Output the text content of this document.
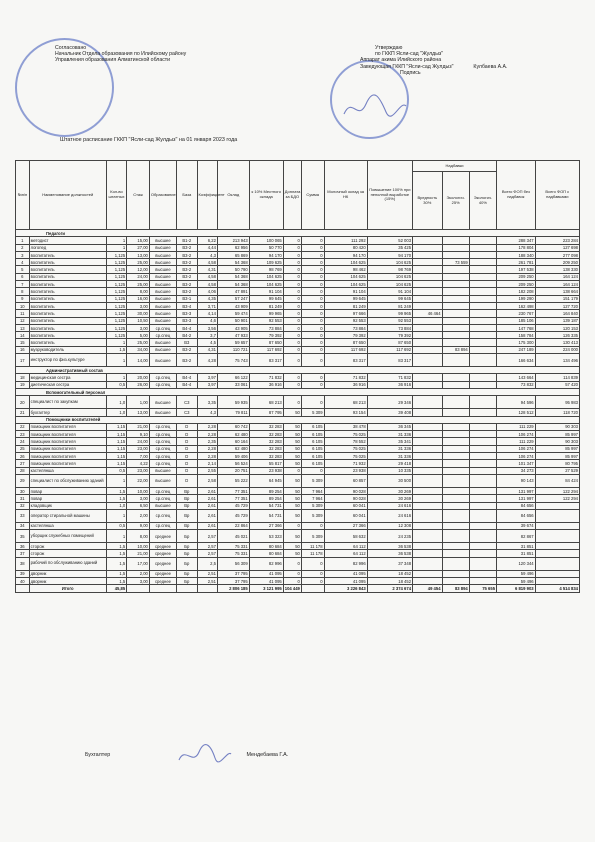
Согласовано
Начальник Отдела образования по Илийскому району
Управления образования Алматинской области
Утверждаю
по ГККП Ясли-сад "Жулдыз"
Аппарат акима Илийского района
Заведующая ГККП "Ясли-сад Жулдыз"	Кулбаева А.А.
Подпись
Штатное расписание ГККП "Ясли-сад Жулдыз" на 01 января 2023 года
№п/п	Наименование должностей	Кол-во штатных	Стаж	Образование	База	Коэффициент	Оклад	к 10% Местного оклада	Доплата за БДО	Сумма	Молочный оклад за НК	Повышение 100% при неполной выработке (15%)	Надбавки			Всего ФОП без надбавок	Всего ФОП с надбавками
													Вредность 30%	Экологич. 25%	Экологич. 40%		
Педагоги																	
1	методист	1	15,00	высшее	В1-2	6,22	213 943	100 065	0	0	111 292	52 003				288 347	223 284
2	логопед	1	27,00	высшее	В3-2	4,44	62 956	50 770	0	0	80 420	35 425				178 804	127 698
3	воспитатель	1,125	13,00	высшее	В3-2	4,3	65 869	94 170	0	0	94 170	94 170				188 340	277 098
4	воспитатель	1,125	25,00	высшее	В3-2	4,58	54 368	109 625	0	0	104 625	104 625		73 559		261 781	209 250
5	воспитатель	1,125	12,00	высшее	В3-2	4,31	50 790	98 769	0	0	98 462	98 769				197 538	138 330
6	воспитатель	1,125	24,00	высшее	В3-2	4,58	54 368	104 625	0	0	104 625	104 625				209 250	164 124
7	воспитатель	1,125	25,00	высшее	В3-2	4,58	54 368	104 625	0	0	104 625	104 625				209 250	164 124
8	воспитатель	1,125	8,00	высшее	В3-2	4,06	47 891	91 104	0	0	91 104	91 104				182 208	138 664
9	воспитатель	1,125	16,00	высшее	В3-1	4,35	57 247	99 645	0	0	99 645	99 645				199 290	151 179
10	воспитатель	1,125	3,00	высшее	В3-4	3,71	43 909	81 249	0	0	81 249	81 249				162 498	127 720
11	воспитатель	1,125	30,00	высшее	В3-3	4,14	59 474	99 965	0	0	97 666	99 965	46 464			230 767	164 840
12	воспитатель	1,125	10,50	высшее	В3-3	4,6	50 901	92 553	0	0	92 553	92 553				185 106	139 187
13	воспитатель	1,125	3,00	ср.спец	В4-4	3,56	43 905	73 884	0	0	73 884	73 884				147 768	120 153
14	воспитатель	1,125	5,00	ср.спец	В4-2	3,7	47 933	79 392	0	0	79 392	79 392				158 784	126 335
15	воспитатель	1	25,00	высшее	В3	4,5	59 657	87 650	0	0	87 650	87 650				175 300	130 413
16	музруководитель	1,5	34,00	высшее	В3-2	4,31	110 721	117 692	0	0	117 692	117 692		83 894		247 189	224 000
17	инструктор по физ.культуре	1	14,00	высшее	В3-2	4,28	75 743	83 317	0	0	83 317	83 317				166 634	134 496
Административный состав																	
18	медицинская сестра	1	20,00	ср.спец	В4-4	3,97	66 122	71 832	0	0	71 832	71 832				143 664	114 839
19	диетическая сестра	0,5	26,00	ср.спец	В4-4	3,97	33 061	36 916	0	0	36 916	36 916				73 832	57 420
Вспомогательный персонал																	
20	специалист по закупкам	1,0	1,00	высшее	С3	3,35	59 935	68 213	0	0	68 213	29 346				94 596	95 983
21	бухгалтер	1,0	13,00	высшее	С3	4,3	79 811	87 795	50	5 309	93 154	39 408				128 512	118 720
Помощники воспитателей																	
22	помощник воспитателя	1,15	21,00	ср.спец	D	2,28	60 742	32 283	50	6 105	38 478	36 345				111 229	90 303
23	помощник воспитателя	1,15	9,10	ср.спец	D	2,28	62 480	32 283	50	6 105	75 025	31 336				106 274	85 997
24	помощник воспитателя	1,15	24,00	ср.спец	D	2,35	60 164	32 283	50	6 105	78 552	35 341				111 229	90 303
25	помощник воспитателя	1,15	23,00	ср.спец	D	2,28	62 480	32 283	50	6 105	75 025	31 336				106 274	85 997
26	помощник воспитателя	1,15	7,00	ср.спец	D	2,28	59 406	32 283	50	6 105	75 025	31 336				106 274	85 997
27	помощник воспитателя	1,15	4,22	ср.спец	D	2,14	56 524	55 817	50	6 105	71 932	29 418				101 347	80 795
28	кастелянша	0,5	23,00	высшее	D	2,55	20 751	23 938	0	0	23 938	10 335				34 273	27 529
29	специалист по обслуживанию зданий	1	22,00	высшее	D	2,58	55 222	64 945	50	5 309	60 857	30 500				90 143	84 424
30	повар	1,5	10,00	ср.спец	Вр	2,61	77 351	89 254	50	7 964	90 028	30 269				131 997	122 294
31	повар	1,5	3,00	ср.спец	Вр	2,61	77 351	89 254	50	7 964	90 028	30 269				131 997	122 294
32	кладовщик	1,0	6,50	высшее	Вр	2,61	45 729	54 731	50	5 309	60 041	24 616				84 656	
33	оператор стиральной машины	1	2,00	ср.спец	Вр	2,61	45 729	54 731	50	5 309	60 041	24 616				84 656	
34	кастелянша	0,5	9,00	ср.спец	Вр	2,61	22 864	27 366	0	0	27 366	12 308				39 674	
35	уборщик служебных помещений	1	8,00	среднее	Бр	2,57	45 021	53 323	50	5 309	58 632	24 235				82 867	
36	сторож	1,5	10,00	среднее	Бр	2,57	75 331	80 684	50	11 178	64 112	36 538				31 851	
37	сторож	1,5	21,00	среднее	Бр	2,57	75 331	80 684	50	11 178	64 112	36 538				31 851	
38	рабочий по обслуживанию зданий	1,5	17,00	среднее	Бр	2,5	56 309	82 996	0	0	82 996	37 348				120 344	
39	дворник	1,5	2,00	среднее	Бр	2,51	37 795	41 095	0	0	41 095	18 452				59 496	
40	дворник	1,5	3,00	среднее	Бр	2,51	37 795	41 095	0	0	41 095	18 452				59 496	
	Итого	45,85					2 806 185	3 121 995	104 449		3 226 843	2 374 674	49 454	83 894	75 655	6 819 903	4 514 834
Бухгалтер	Мендебаева Г.А.
